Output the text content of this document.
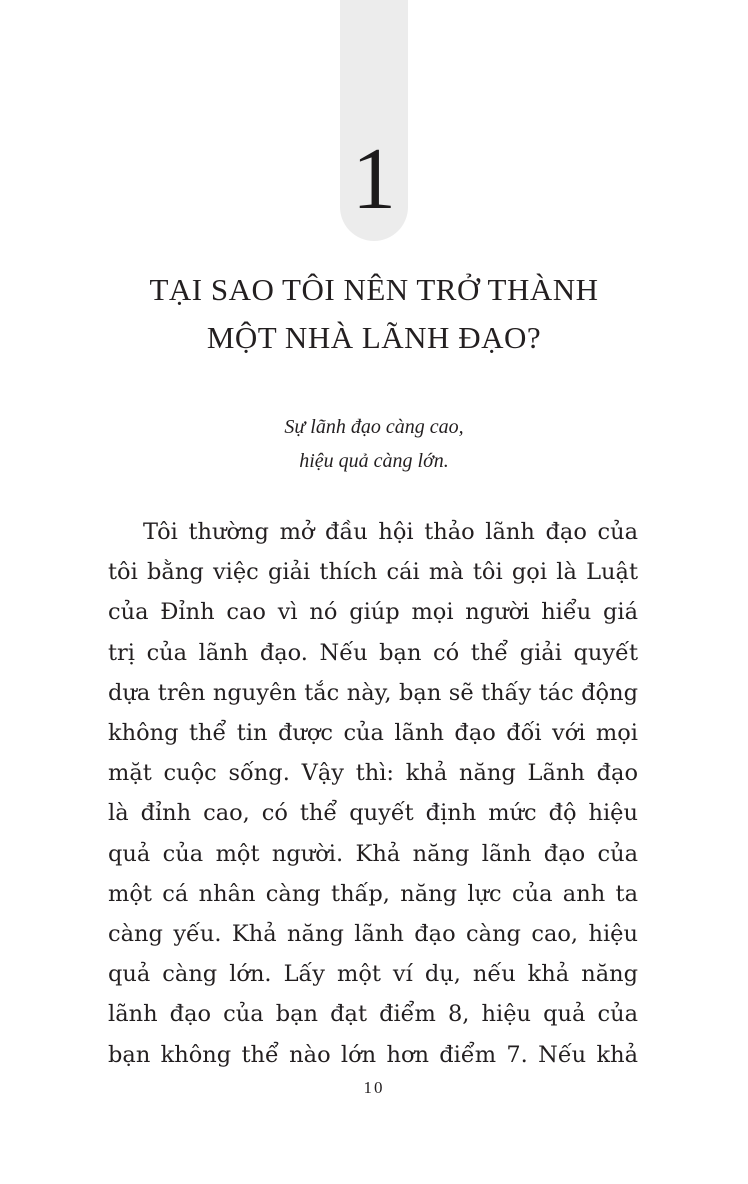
1
TẠI SAO TÔI NÊN TRỞ THÀNH
MỘT NHÀ LÃNH ĐẠO?
Sự lãnh đạo càng cao,
hiệu quả càng lớn.
Tôi thường mở đầu hội thảo lãnh đạo của
tôi bằng việc giải thích cái mà tôi gọi là Luật
của Đỉnh cao vì nó giúp mọi người hiểu giá
trị của lãnh đạo. Nếu bạn có thể giải quyết
dựa trên nguyên tắc này, bạn sẽ thấy tác động
không thể tin được của lãnh đạo đối với mọi
mặt cuộc sống. Vậy thì: khả năng Lãnh đạo
là đỉnh cao, có thể quyết định mức độ hiệu
quả của một người. Khả năng lãnh đạo của
một cá nhân càng thấp, năng lực của anh ta
càng yếu. Khả năng lãnh đạo càng cao, hiệu
quả càng lớn. Lấy một ví dụ, nếu khả năng
lãnh đạo của bạn đạt điểm 8, hiệu quả của
bạn không thể nào lớn hơn điểm 7. Nếu khả
10
